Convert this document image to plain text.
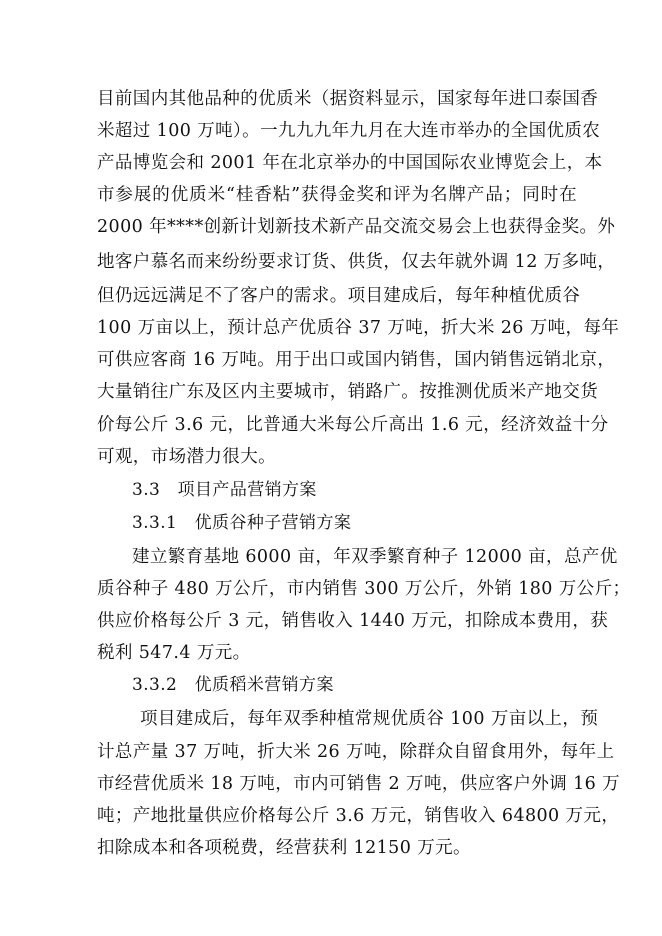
目前国内其他品种的优质米（据资料显示，国家每年进口泰国香
米超过 100 万吨）。一九九九年九月在大连市举办的全国优质农
产品博览会和 2001 年在北京举办的中国国际农业博览会上，本
市参展的优质米“桂香粘”获得金奖和评为名牌产品；同时在
2000 年****创新计划新技术新产品交流交易会上也获得金奖。外
地客户慕名而来纷纷要求订货、供货，仅去年就外调 12 万多吨，
但仍远远满足不了客户的需求。项目建成后，每年种植优质谷
100 万亩以上，预计总产优质谷 37 万吨，折大米 26 万吨，每年
可供应客商 16 万吨。用于出口或国内销售，国内销售远销北京，
大量销往广东及区内主要城市，销路广。按推测优质米产地交货
价每公斤 3.6 元，比普通大米每公斤高出 1.6 元，经济效益十分
可观，市场潜力很大。
3.3　项目产品营销方案
3.3.1　优质谷种子营销方案
建立繁育基地 6000 亩，年双季繁育种子 12000 亩，总产优
质谷种子 480 万公斤，市内销售 300 万公斤，外销 180 万公斤；
供应价格每公斤 3 元，销售收入 1440 万元，扣除成本费用，获
税利 547.4 万元。
3.3.2　优质稻米营销方案
项目建成后，每年双季种植常规优质谷 100 万亩以上，预
计总产量 37 万吨，折大米 26 万吨，除群众自留食用外，每年上
市经营优质米 18 万吨，市内可销售 2 万吨，供应客户外调 16 万
吨；产地批量供应价格每公斤 3.6 万元，销售收入 64800 万元，
扣除成本和各项税费，经营获利 12150 万元。
